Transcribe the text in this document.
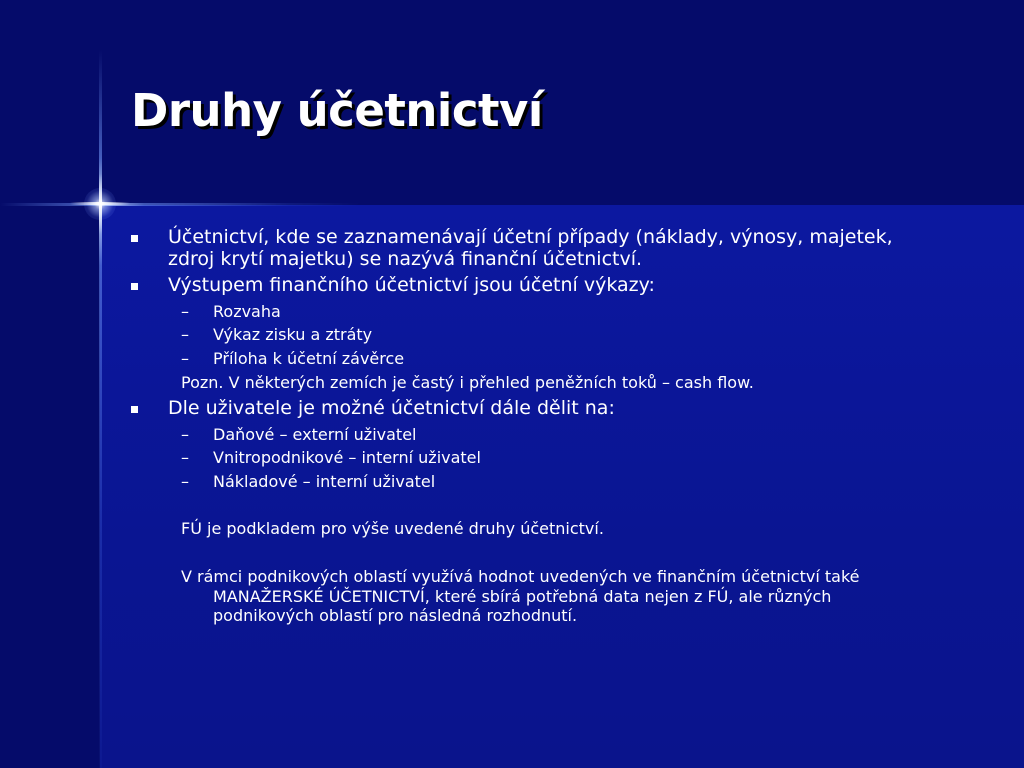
Druhy účetnictví
Účetnictví, kde se zaznamenávají účetní případy (náklady, výnosy, majetek,
zdroj krytí majetku) se nazývá finanční účetnictví.
Výstupem finančního účetnictví jsou účetní výkazy:
– Rozvaha
– Výkaz zisku a ztráty
– Příloha k účetní závěrce
Pozn. V některých zemích je častý i přehled peněžních toků – cash flow.
Dle uživatele je možné účetnictví dále dělit na:
– Daňové – externí uživatel
– Vnitropodnikové – interní uživatel
– Nákladové – interní uživatel
FÚ je podkladem pro výše uvedené druhy účetnictví.
V rámci podnikových oblastí využívá hodnot uvedených ve finančním účetnictví také
MANAŽERSKÉ ÚČETNICTVÍ, které sbírá potřebná data nejen z FÚ, ale různých
podnikových oblastí pro následná rozhodnutí.
